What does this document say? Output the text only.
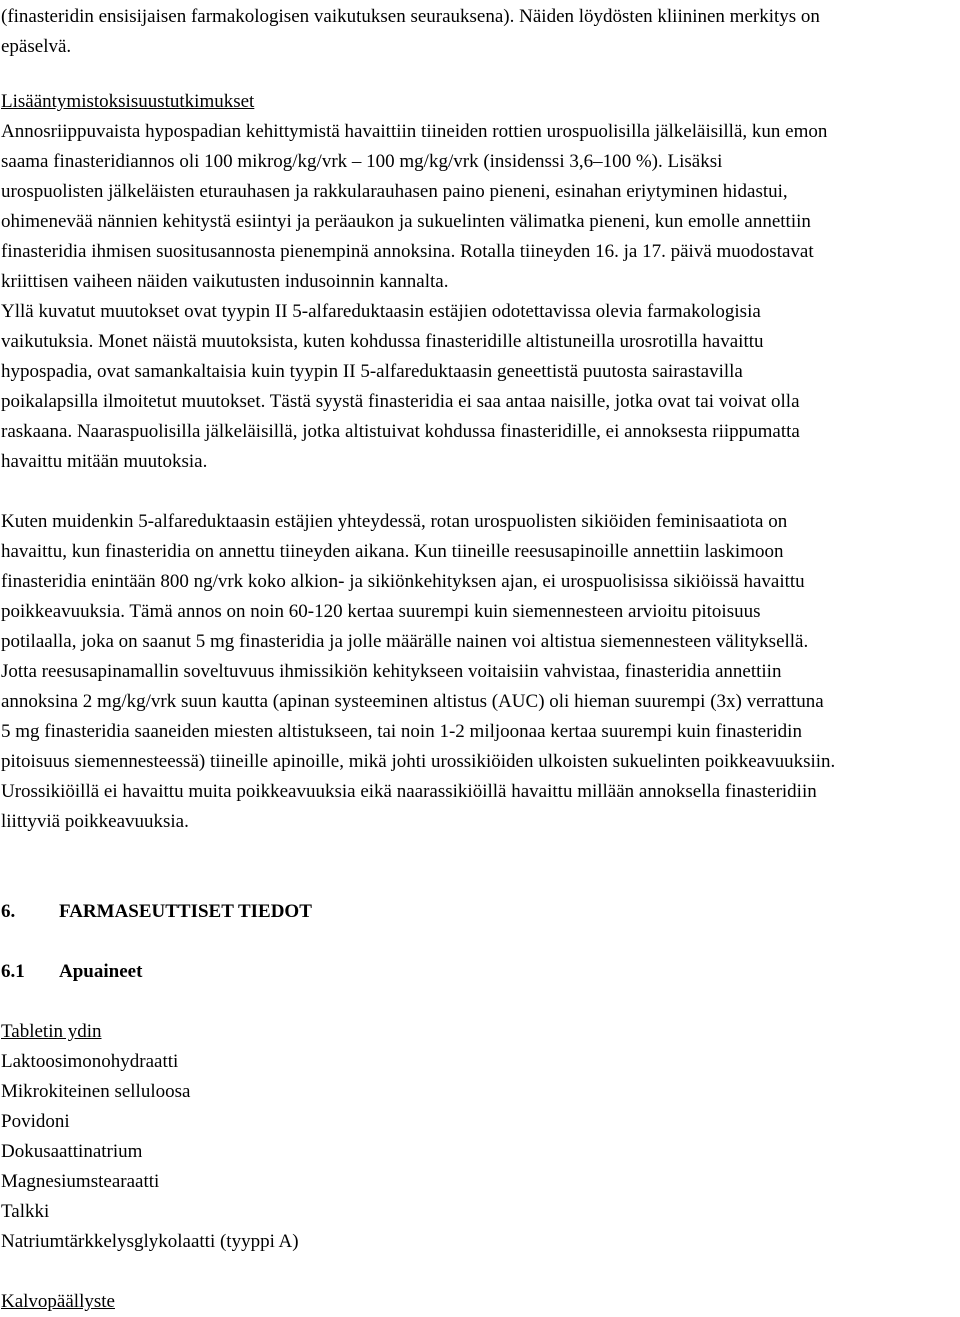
(finasteridin ensisijaisen farmakologisen vaikutuksen seurauksena). Näiden löydösten kliininen merkitys on
epäselvä.
Lisääntymistoksisuustutkimukset
Annosriippuvaista hypospadian kehittymistä havaittiin tiineiden rottien urospuolisilla jälkeläisillä, kun emon
saama finasteridiannos oli 100 mikrog/kg/vrk – 100 mg/kg/vrk (insidenssi 3,6–100 %). Lisäksi
urospuolisten jälkeläisten eturauhasen ja rakkularauhasen paino pieneni, esinahan eriytyminen hidastui,
ohimenevää nännien kehitystä esiintyi ja peräaukon ja sukuelinten välimatka pieneni, kun emolle annettiin
finasteridia ihmisen suositusannosta pienempinä annoksina. Rotalla tiineyden 16. ja 17. päivä muodostavat
kriittisen vaiheen näiden vaikutusten indusoinnin kannalta.
Yllä kuvatut muutokset ovat tyypin II 5-alfareduktaasin estäjien odotettavissa olevia farmakologisia
vaikutuksia. Monet näistä muutoksista, kuten kohdussa finasteridille altistuneilla urosrotilla havaittu
hypospadia, ovat samankaltaisia kuin tyypin II 5-alfareduktaasin geneettistä puutosta sairastavilla
poikalapsilla ilmoitetut muutokset. Tästä syystä finasteridia ei saa antaa naisille, jotka ovat tai voivat olla
raskaana. Naaraspuolisilla jälkeläisillä, jotka altistuivat kohdussa finasteridille, ei annoksesta riippumatta
havaittu mitään muutoksia.
Kuten muidenkin 5-alfareduktaasin estäjien yhteydessä, rotan urospuolisten sikiöiden feminisaatiota on
havaittu, kun finasteridia on annettu tiineyden aikana. Kun tiineille reesusapinoille annettiin laskimoon
finasteridia enintään 800 ng/vrk koko alkion- ja sikiönkehityksen ajan, ei urospuolisissa sikiöissä havaittu
poikkeavuuksia. Tämä annos on noin 60-120 kertaa suurempi kuin siemennesteen arvioitu pitoisuus
potilaalla, joka on saanut 5 mg finasteridia ja jolle määrälle nainen voi altistua siemennesteen välityksellä.
Jotta reesusapinamallin soveltuvuus ihmissikiön kehitykseen voitaisiin vahvistaa, finasteridia annettiin
annoksina 2 mg/kg/vrk suun kautta (apinan systeeminen altistus (AUC) oli hieman suurempi (3x) verrattuna
5 mg finasteridia saaneiden miesten altistukseen, tai noin 1-2 miljoonaa kertaa suurempi kuin finasteridin
pitoisuus siemennesteessä) tiineille apinoille, mikä johti urossikiöiden ulkoisten sukuelinten poikkeavuuksiin.
Urossikiöillä ei havaittu muita poikkeavuuksia eikä naarassikiöillä havaittu millään annoksella finasteridiin
liittyviä poikkeavuuksia.
6. FARMASEUTTISET TIEDOT
6.1 Apuaineet
Tabletin ydin
Laktoosimonohydraatti
Mikrokiteinen selluloosa
Povidoni
Dokusaattinatrium
Magnesiumstearaatti
Talkki
Natriumtärkkelysglykolaatti (tyyppi A)
Kalvopäällyste
